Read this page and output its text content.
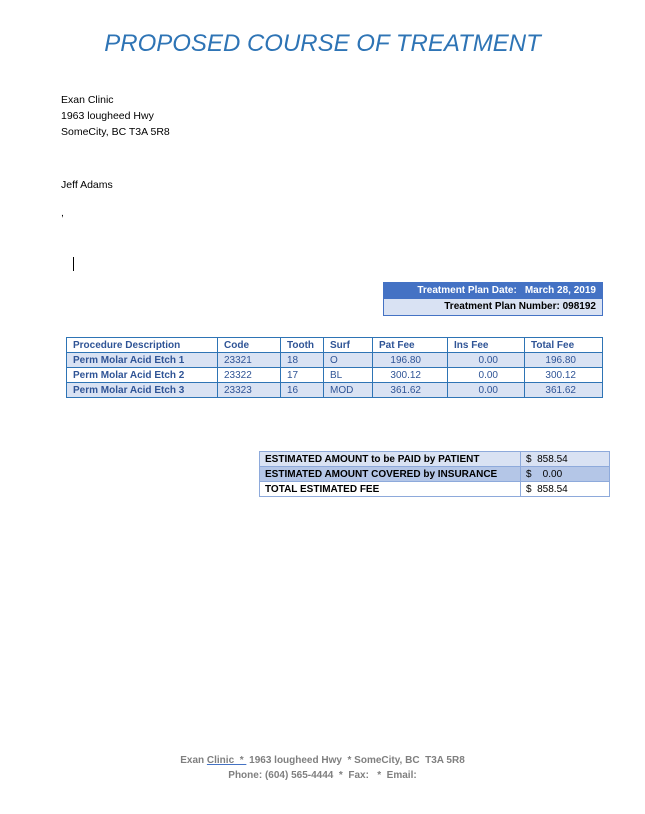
PROPOSED COURSE OF TREATMENT
Exan Clinic
1963 lougheed Hwy
SomeCity, BC T3A 5R8
Jeff Adams
,
Treatment Plan Date: March 28, 2019
Treatment Plan Number: 098192
Procedure Description	Code	Tooth	Surf	Pat Fee	Ins Fee	Total Fee
Perm Molar Acid Etch 1	23321	18	O	196.80	0.00	196.80
Perm Molar Acid Etch 2	23322	17	BL	300.12	0.00	300.12
Perm Molar Acid Etch 3	23323	16	MOD	361.62	0.00	361.62
ESTIMATED AMOUNT to be PAID by PATIENT	$  858.54
ESTIMATED AMOUNT COVERED by INSURANCE	$    0.00
TOTAL ESTIMATED FEE	$  858.54
Exan Clinic  *  1963 lougheed Hwy  * SomeCity, BC  T3A 5R8
Phone: (604) 565-4444  *  Fax:   *  Email:
